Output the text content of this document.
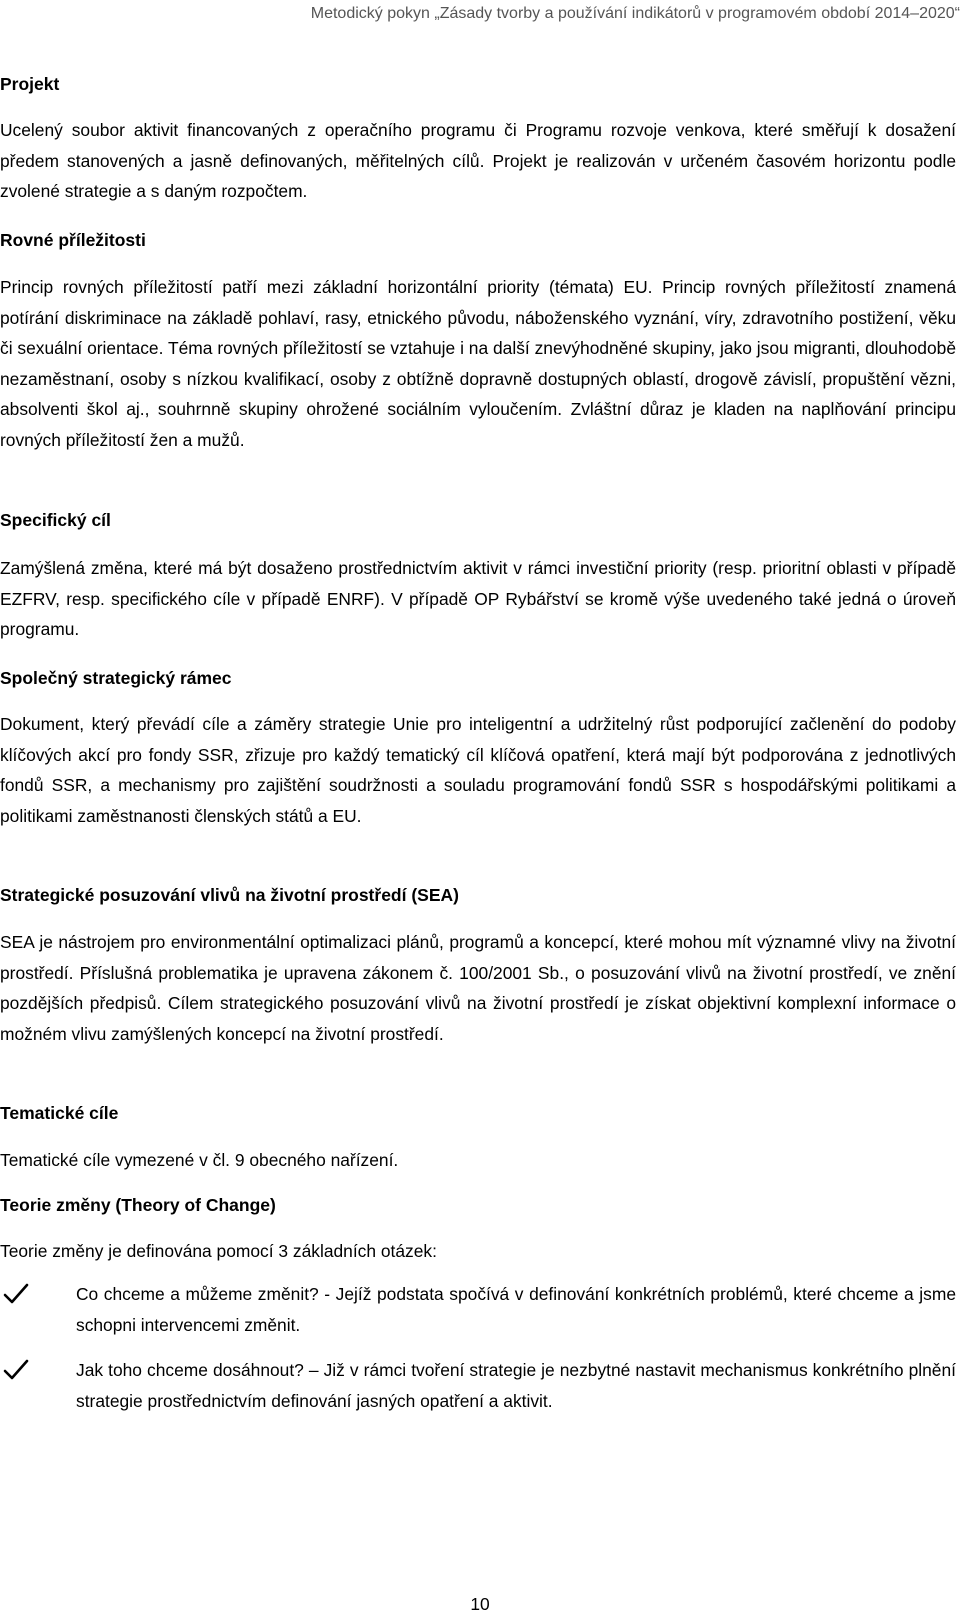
Metodický pokyn „Zásady tvorby a používání indikátorů v programovém období 2014–2020“
Projekt

Ucelený soubor aktivit financovaných z operačního programu či Programu rozvoje venkova, které směřují k dosažení předem stanovených a jasně definovaných, měřitelných cílů. Projekt je realizován v určeném časovém horizontu podle zvolené strategie a s daným rozpočtem.

Rovné příležitosti

Princip rovných příležitostí patří mezi základní horizontální priority (témata) EU. Princip rovných příležitostí znamená potírání diskriminace na základě pohlaví, rasy, etnického původu, náboženského vyznání, víry, zdravotního postižení, věku či sexuální orientace. Téma rovných příležitostí se vztahuje i na další znevýhodněné skupiny, jako jsou migranti, dlouhodobě nezaměstnaní, osoby s nízkou kvalifikací, osoby z obtížně dopravně dostupných oblastí, drogově závislí, propuštění vězni, absolventi škol aj., souhrnně skupiny ohrožené sociálním vyloučením. Zvláštní důraz je kladen na naplňování principu rovných příležitostí žen a mužů.

Specifický cíl

Zamýšlená změna, které má být dosaženo prostřednictvím aktivit v rámci investiční priority (resp. prioritní oblasti v případě EZFRV, resp. specifického cíle v případě ENRF). V případě OP Rybářství se kromě výše uvedeného také jedná o úroveň programu.

Společný strategický rámec

Dokument, který převádí cíle a záměry strategie Unie pro inteligentní a udržitelný růst podporující začlenění do podoby klíčových akcí pro fondy SSR, zřizuje pro každý tematický cíl klíčová opatření, která mají být podporována z jednotlivých fondů SSR, a mechanismy pro zajištění soudržnosti a souladu programování fondů SSR s hospodářskými politikami a politikami zaměstnanosti členských států a EU.

Strategické posuzování vlivů na životní prostředí (SEA)

SEA je nástrojem pro environmentální optimalizaci plánů, programů a koncepcí, které mohou mít významné vlivy na životní prostředí. Příslušná problematika je upravena zákonem č. 100/2001 Sb., o posuzování vlivů na životní prostředí, ve znění pozdějších předpisů. Cílem strategického posuzování vlivů na životní prostředí je získat objektivní komplexní informace o možném vlivu zamýšlených koncepcí na životní prostředí.

Tematické cíle

Tematické cíle vymezené v čl. 9 obecného nařízení.

Teorie změny (Theory of Change)

Teorie změny je definována pomocí 3 základních otázek:

Co chceme a můžeme změnit? - Jejíž podstata spočívá v definování konkrétních problémů, které chceme a jsme schopni intervencemi změnit.

Jak toho chceme dosáhnout? – Již v rámci tvoření strategie je nezbytné nastavit mechanismus konkrétního plnění strategie prostřednictvím definování jasných opatření a aktivit.

10
